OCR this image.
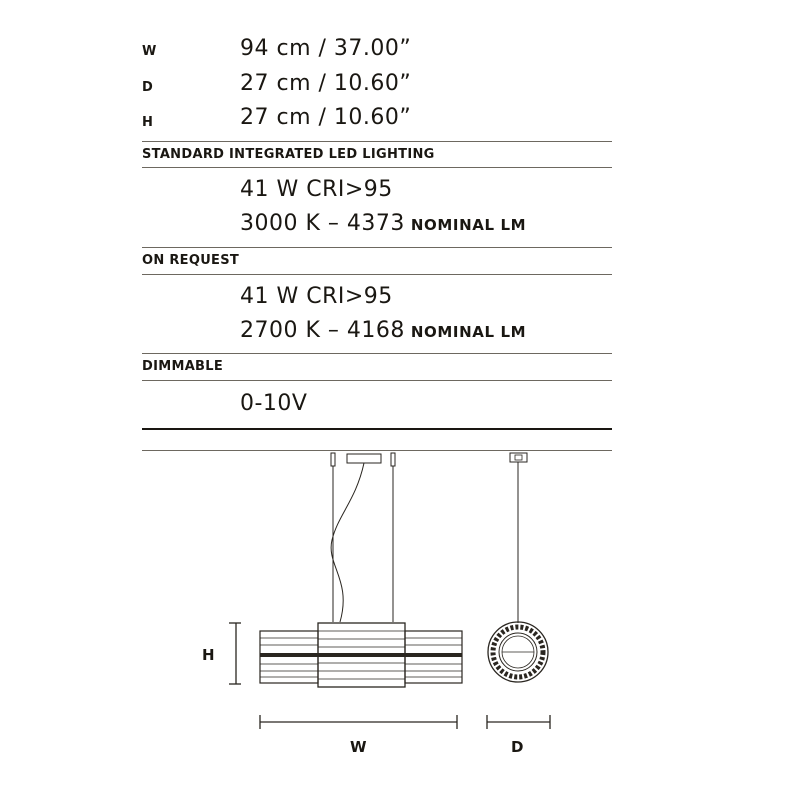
W	94 cm / 37.00”
D	27 cm / 10.60”
H	27 cm / 10.60”
STANDARD INTEGRATED LED LIGHTING
41 W CRI>95
3000 K – 4373 NOMINAL LM
ON REQUEST
41 W CRI>95
2700 K – 4168 NOMINAL LM
DIMMABLE
0-10V
H
W	D
